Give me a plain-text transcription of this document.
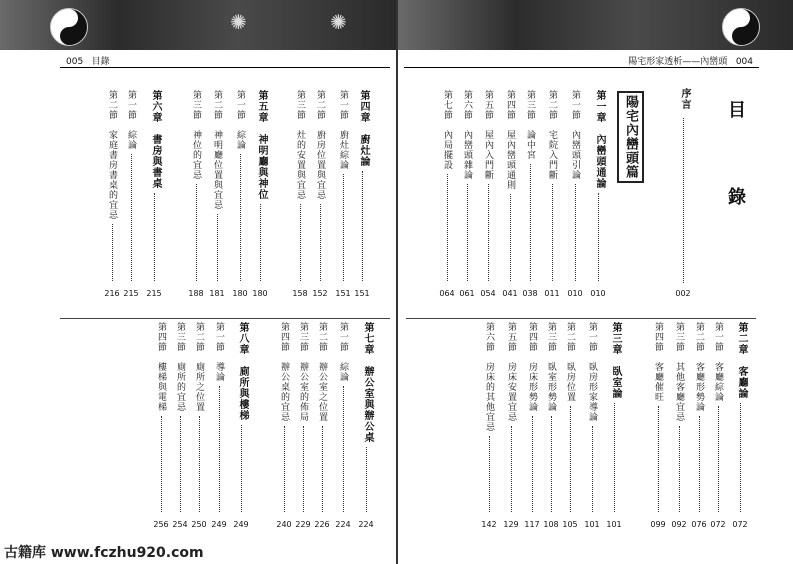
✺	✺
005 目錄	陽宅形家透析——內巒頭 004
目 錄
序言
002
陽宅內巒頭篇
第一章　內巒頭通論
010
第一節　內巒頭引論
010
第二節　宅院入門斷
011
第三節　論中宮
038
第四節　屋內巒頭通則
041
第五節　屋內入門斷
054
第六節　內巒頭雜論
061
第七節　內局擺設
064
第二章　客廳論
072
第一節　客廳綜論
072
第二節　客廳形勢論
076
第三節　其他客廳宜忌
092
第四節　客廳催旺
099
第三章　臥室論
101
第一節　臥房形家導論
101
第二節　臥房位置
105
第三節　臥室形勢論
108
第四節　房床形勢論
117
第五節　房床安置宜忌
129
第六節　房床的其他宜忌
142
第四章　廚灶論
151
第一節　廚灶綜論
151
第二節　廚房位置與宜忌
152
第三節　灶的安置與宜忌
158
第五章　神明廳與神位
180
第一節　綜論
180
第二節　神明廳位置與宜忌
181
第三節　神位的宜忌
188
第六章　書房與書桌
215
第一節　綜論
215
第二節　家庭書房書桌的宜忌
216
第七章　辦公室與辦公桌
224
第一節　綜論
224
第二節　辦公室之位置
226
第三節　辦公室的佈局
229
第四節　辦公桌的宜忌
240
第八章　廁所與樓梯
249
第一節　導論
249
第二節　廁所之位置
250
第三節　廁所的宜忌
254
第四節　樓梯與電梯
256
古籍库 www.fczhu920.com
